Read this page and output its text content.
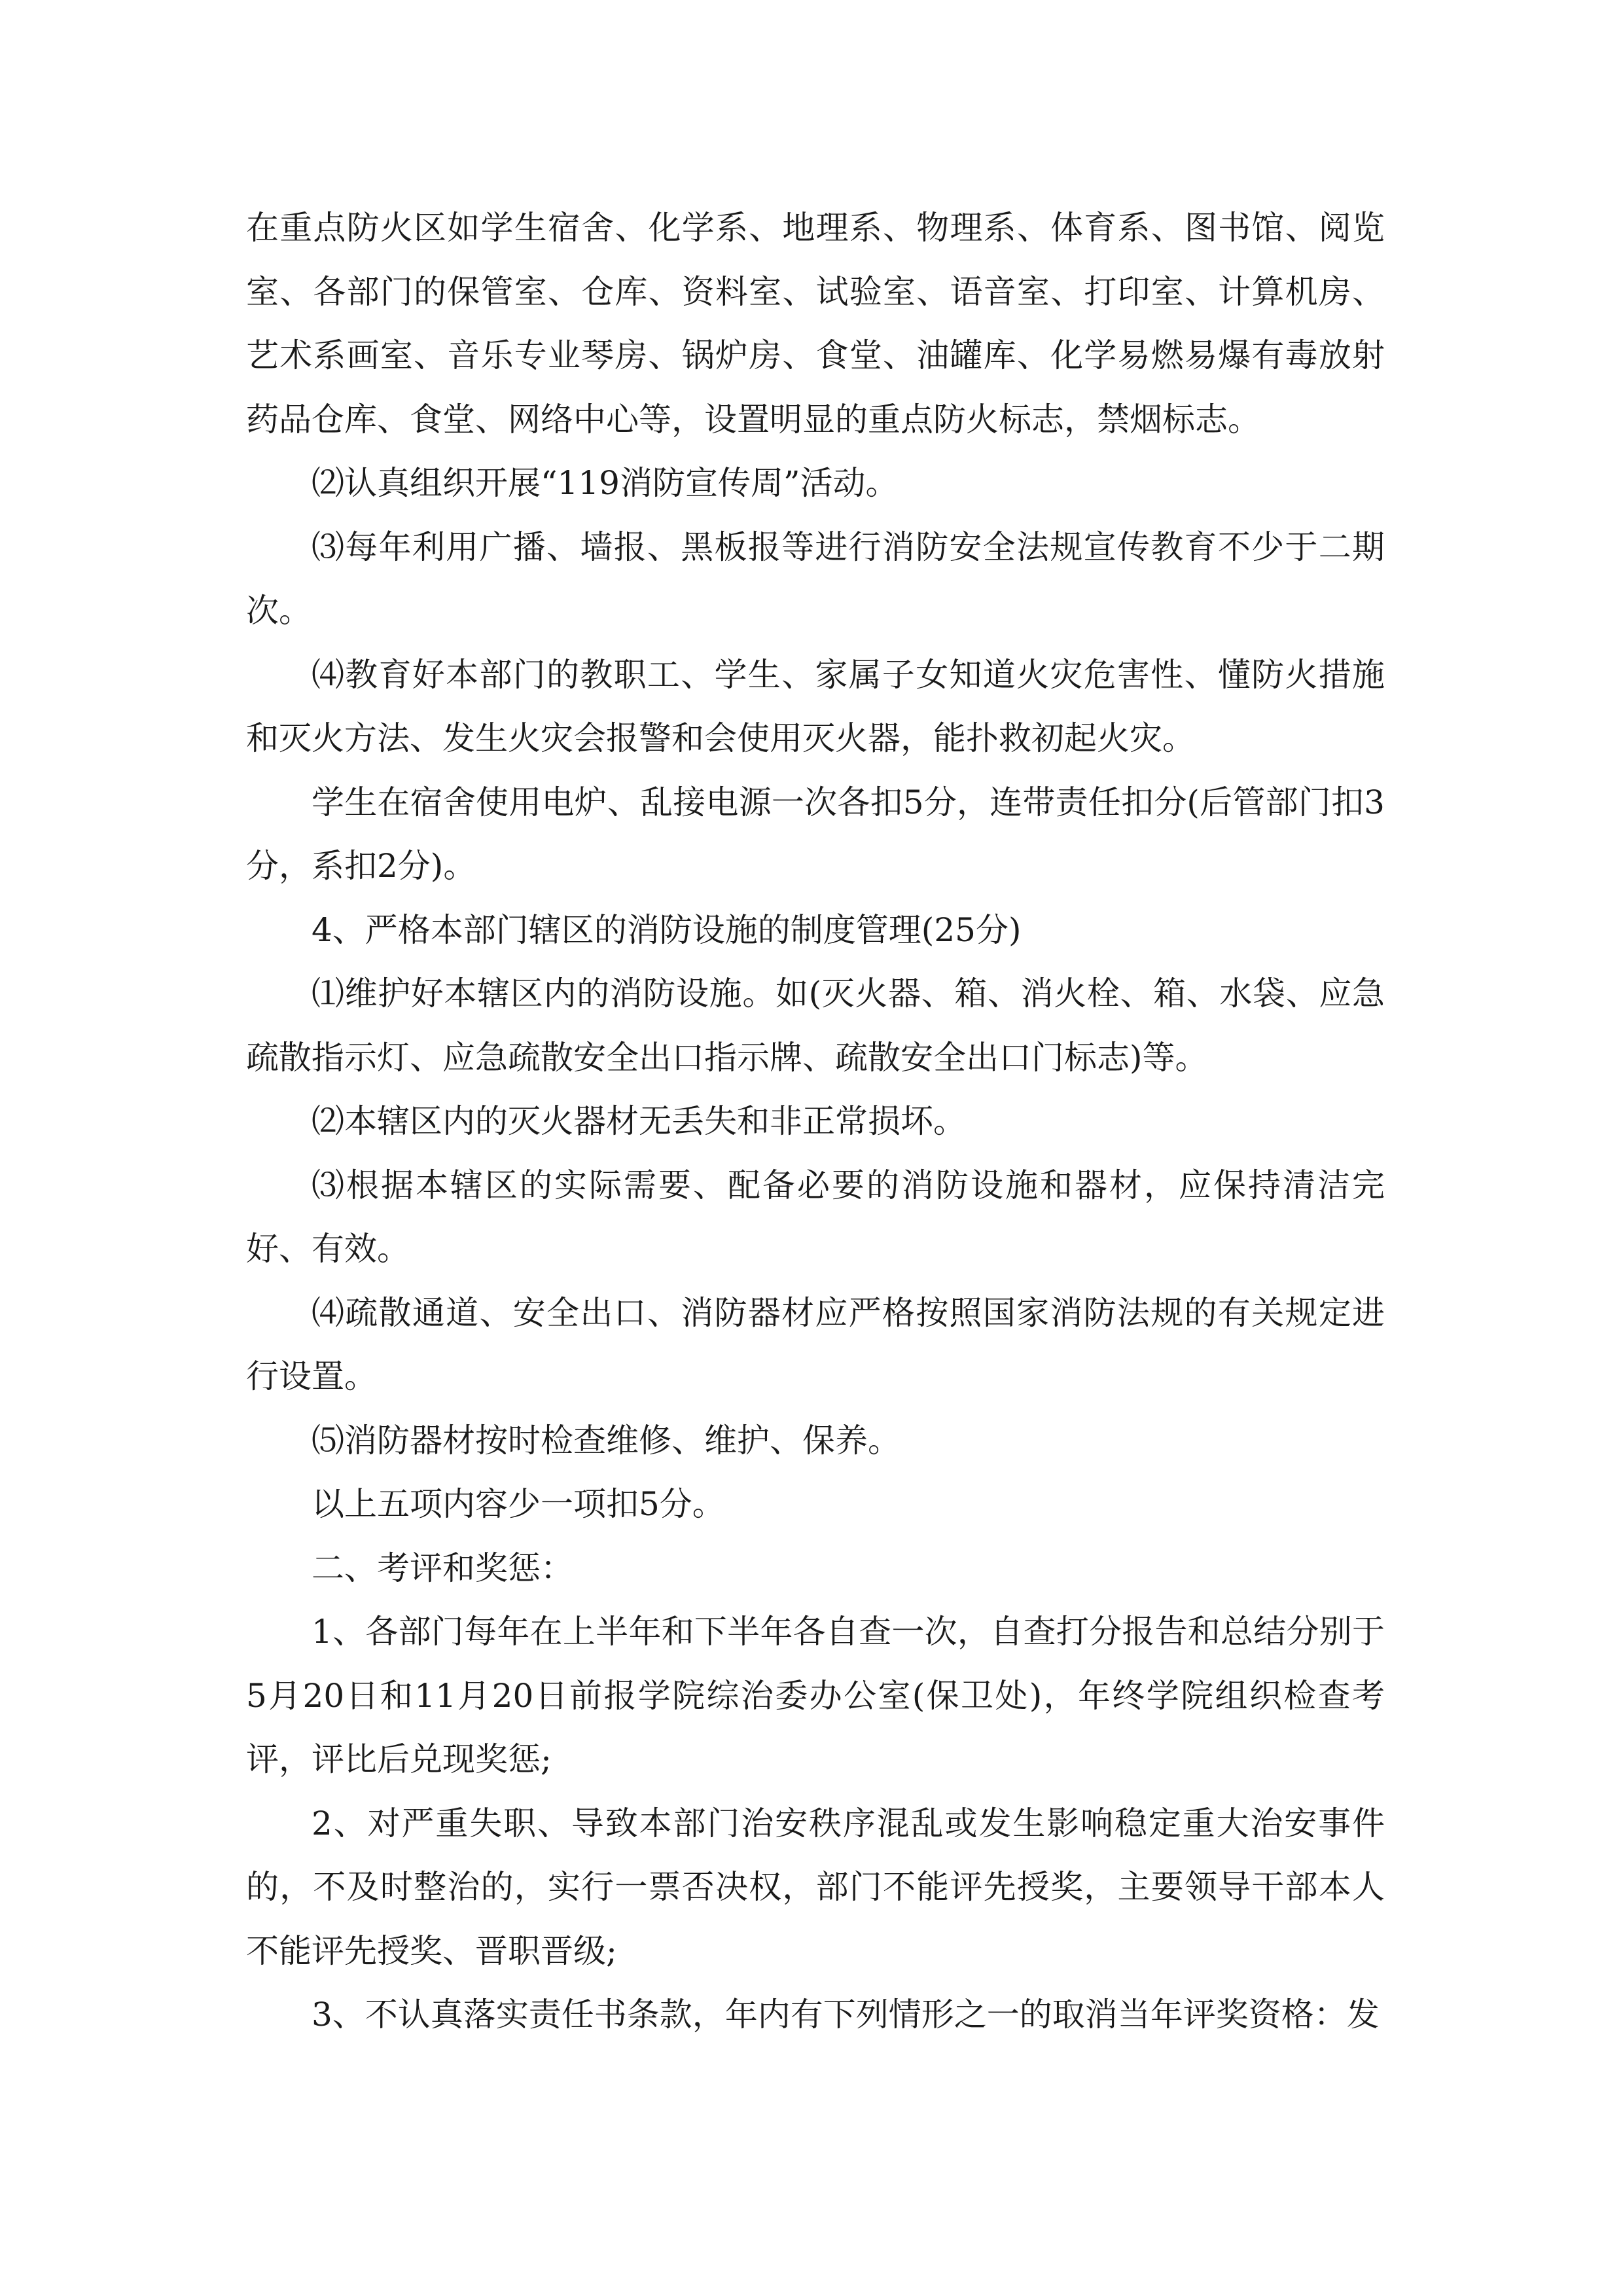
在重点防火区如学生宿舍、化学系、地理系、物理系、体育系、图书馆、阅览室、各部门的保管室、仓库、资料室、试验室、语音室、打印室、计算机房、艺术系画室、音乐专业琴房、锅炉房、食堂、油罐库、化学易燃易爆有毒放射药品仓库、食堂、网络中心等，设置明显的重点防火标志，禁烟标志。

⑵认真组织开展“119消防宣传周”活动。

⑶每年利用广播、墙报、黑板报等进行消防安全法规宣传教育不少于二期次。

⑷教育好本部门的教职工、学生、家属子女知道火灾危害性、懂防火措施和灭火方法、发生火灾会报警和会使用灭火器，能扑救初起火灾。

学生在宿舍使用电炉、乱接电源一次各扣5分，连带责任扣分(后管部门扣3分，系扣2分)。

4、严格本部门辖区的消防设施的制度管理(25分)

⑴维护好本辖区内的消防设施。如(灭火器、箱、消火栓、箱、水袋、应急疏散指示灯、应急疏散安全出口指示牌、疏散安全出口门标志)等。

⑵本辖区内的灭火器材无丢失和非正常损坏。

⑶根据本辖区的实际需要、配备必要的消防设施和器材，应保持清洁完好、有效。

⑷疏散通道、安全出口、消防器材应严格按照国家消防法规的有关规定进行设置。

⑸消防器材按时检查维修、维护、保养。

以上五项内容少一项扣5分。

二、考评和奖惩：

1、各部门每年在上半年和下半年各自查一次，自查打分报告和总结分别于5月20日和11月20日前报学院综治委办公室(保卫处)，年终学院组织检查考评，评比后兑现奖惩;

2、对严重失职、导致本部门治安秩序混乱或发生影响稳定重大治安事件的，不及时整治的，实行一票否决权，部门不能评先授奖，主要领导干部本人不能评先授奖、晋职晋级;

3、不认真落实责任书条款，年内有下列情形之一的取消当年评奖资格：发
